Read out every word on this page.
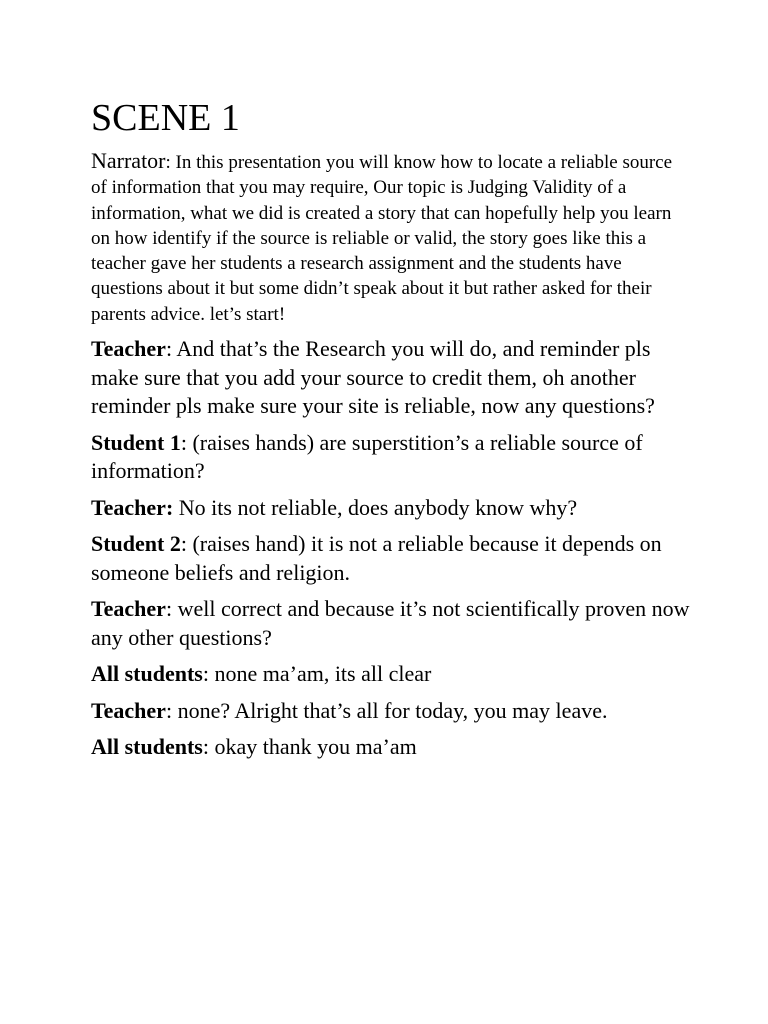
SCENE 1

Narrator: In this presentation you will know how to locate a reliable source of information that you may require, Our topic is Judging Validity of a information, what we did is created a story that can hopefully help you learn on how identify if the source is reliable or valid, the story goes like this a teacher gave her students a research assignment and the students have questions about it but some didn’t speak about it but rather asked for their parents advice. let’s start!

Teacher: And that’s the Research you will do, and reminder pls make sure that you add your source to credit them, oh another reminder pls make sure your site is reliable, now any questions?

Student 1: (raises hands) are superstition’s a reliable source of information?

Teacher: No its not reliable, does anybody know why?

Student 2: (raises hand) it is not a reliable because it depends on someone beliefs and religion.

Teacher: well correct and because it’s not scientifically proven now any other questions?

All students: none ma’am, its all clear

Teacher: none? Alright that’s all for today, you may leave.

All students: okay thank you ma’am
